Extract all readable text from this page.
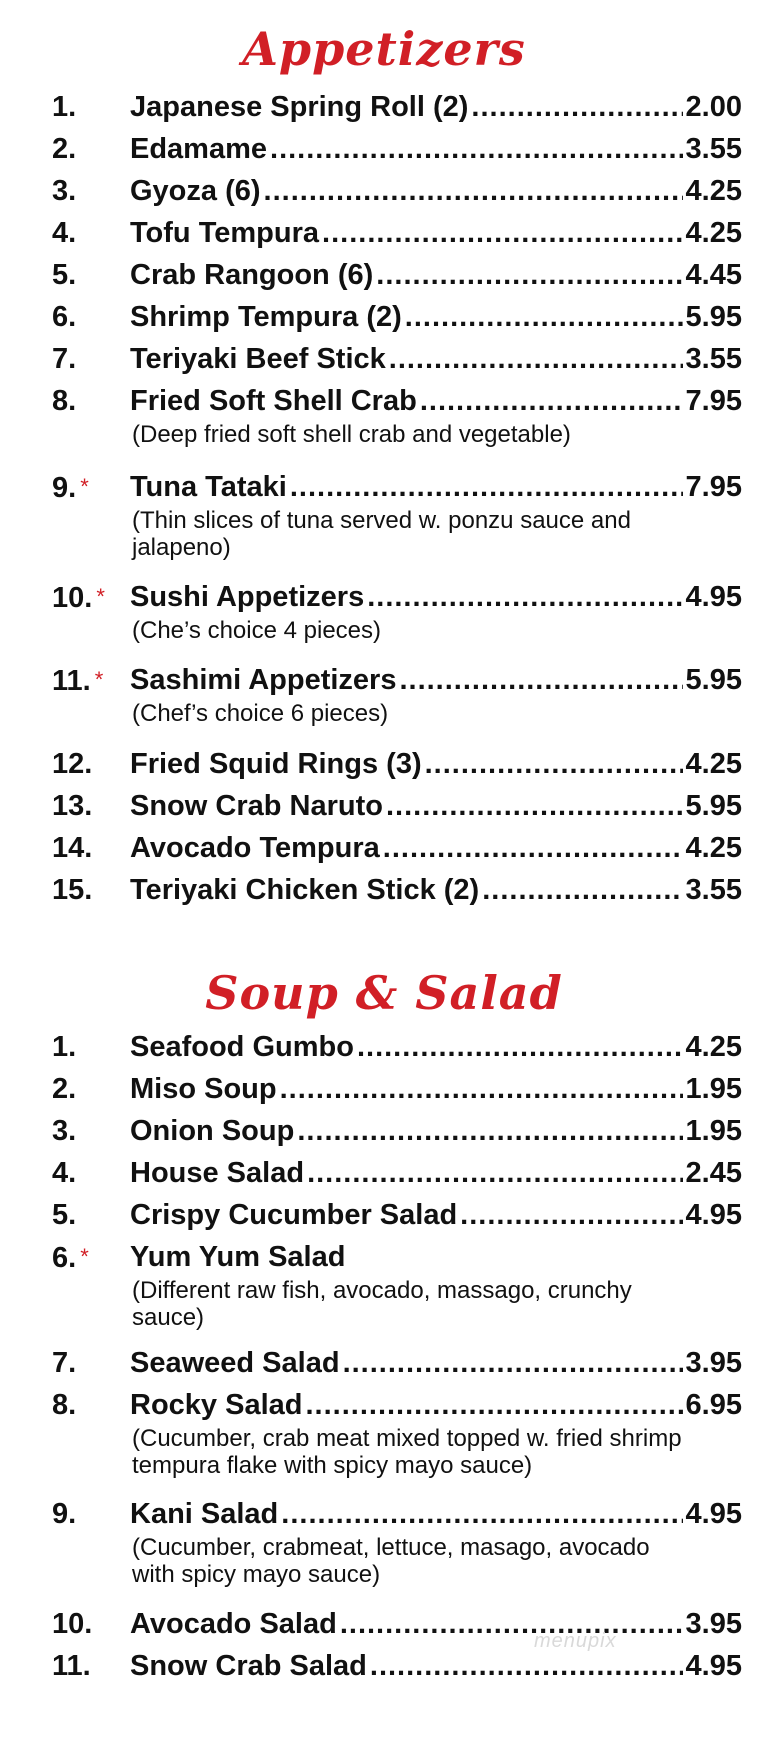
Appetizers
1.	Japanese Spring Roll (2) .....	2.00
2.	Edamame .....	3.55
3.	Gyoza (6) .....	4.25
4.	Tofu Tempura .....	4.25
5.	Crab Rangoon (6) .....	4.45
6.	Shrimp Tempura (2) .....	5.95
7.	Teriyaki Beef Stick .....	3.55
8.	Fried Soft Shell Crab .....	7.95
(Deep fried soft shell crab and vegetable)
9. *	Tuna Tataki .....	7.95
(Thin slices of tuna served w. ponzu sauce and jalapeno)
10. * Sushi Appetizers .....	4.95
(Che’s choice 4 pieces)
11. * Sashimi Appetizers .....	5.95
(Chef’s choice 6 pieces)
12.	Fried Squid Rings (3) .....	4.25
13.	Snow Crab Naruto .....	5.95
14.	Avocado Tempura .....	4.25
15.	Teriyaki Chicken Stick (2) .....	3.55
Soup & Salad
1.	Seafood Gumbo .....	4.25
2.	Miso Soup .....	1.95
3.	Onion Soup .....	1.95
4.	House Salad .....	2.45
5.	Crispy Cucumber Salad .....	4.95
6. *	Yum Yum Salad
(Different raw fish, avocado, massago, crunchy sauce)
7.	Seaweed Salad .....	3.95
8.	Rocky Salad .....	6.95
(Cucumber, crab meat mixed topped w. fried shrimp tempura flake with spicy mayo sauce)
9.	Kani Salad .....	4.95
(Cucumber, crabmeat, lettuce, masago, avocado with spicy mayo sauce)
10.	Avocado Salad .....	3.95
11.	Snow Crab Salad .....	4.95
menupix
